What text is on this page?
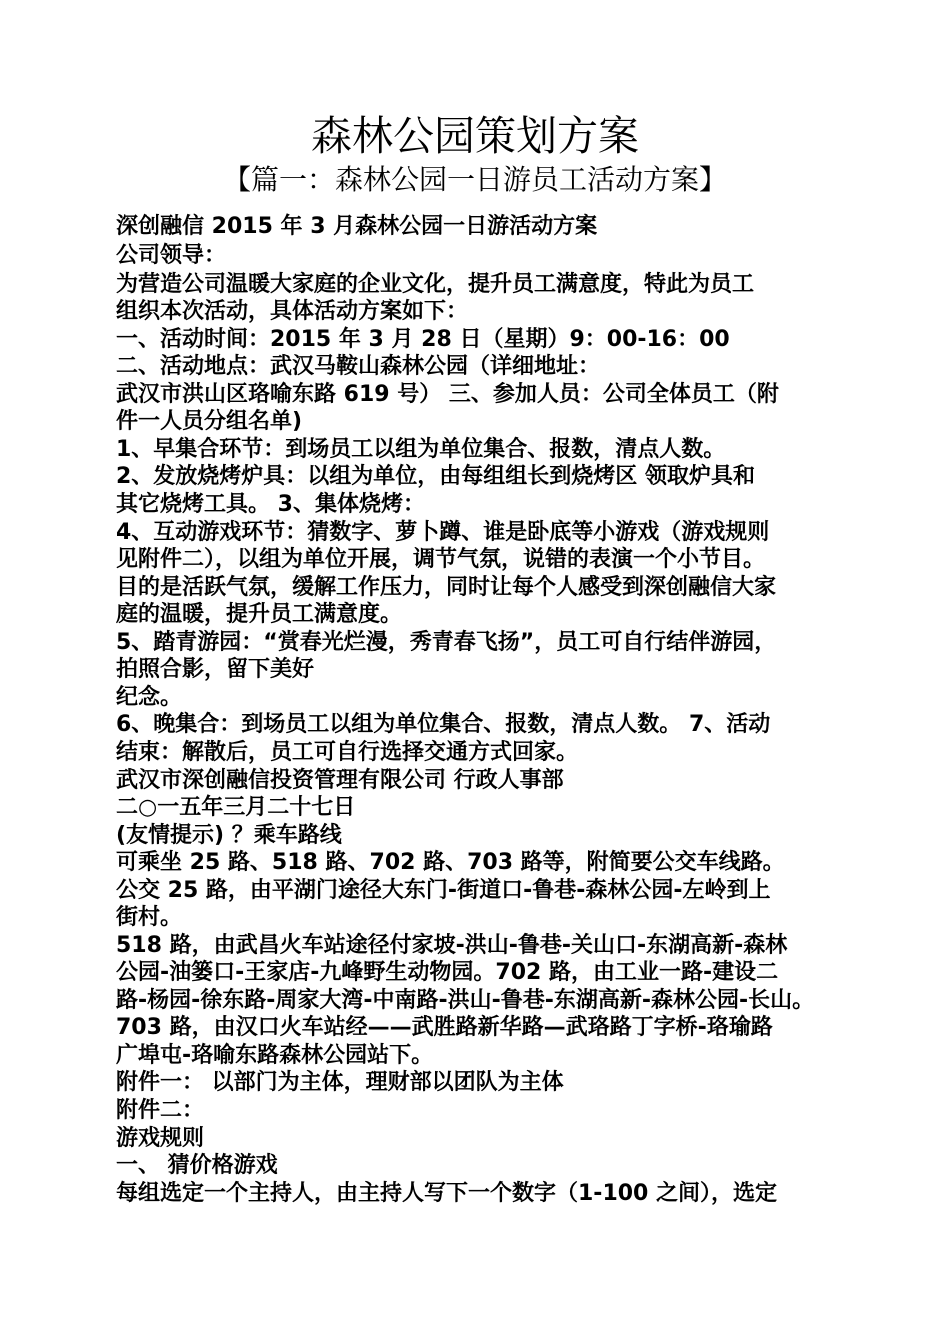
森林公园策划方案
【篇一：森林公园一日游员工活动方案】
深创融信 2015 年 3 月森林公园一日游活动方案
公司领导：
为营造公司温暖大家庭的企业文化，提升员工满意度，特此为员工
组织本次活动，具体活动方案如下：
一、活动时间：2015 年 3 月 28 日（星期）9：00-16：00
二、活动地点：武汉马鞍山森林公园（详细地址：
武汉市洪山区珞喻东路 619 号） 三、参加人员：公司全体员工（附
件一人员分组名单)
1、早集合环节：到场员工以组为单位集合、报数，清点人数。
2、发放烧烤炉具：以组为单位，由每组组长到烧烤区 领取炉具和
其它烧烤工具。 3、集体烧烤：
4、互动游戏环节：猜数字、萝卜蹲、谁是卧底等小游戏（游戏规则
见附件二），以组为单位开展，调节气氛，说错的表演一个小节目。
目的是活跃气氛，缓解工作压力，同时让每个人感受到深创融信大家
庭的温暖，提升员工满意度。
5、踏青游园：“赏春光烂漫，秀青春飞扬”，员工可自行结伴游园，
拍照合影，留下美好
纪念。
6、晚集合：到场员工以组为单位集合、报数，清点人数。 7、活动
结束：解散后，员工可自行选择交通方式回家。
武汉市深创融信投资管理有限公司 行政人事部
二○一五年三月二十七日
(友情提示) ？乘车路线
可乘坐 25 路、518 路、702 路、703 路等，附简要公交车线路。
公交 25 路，由平湖门途径大东门-街道口-鲁巷-森林公园-左岭到上
街村。
518 路，由武昌火车站途径付家坡-洪山-鲁巷-关山口-东湖高新-森林
公园-油篓口-王家店-九峰野生动物园。702 路，由工业一路-建设二
路-杨园-徐东路-周家大湾-中南路-洪山-鲁巷-东湖高新-森林公园-长山。
703 路，由汉口火车站经——武胜路新华路—武珞路丁字桥-珞瑜路
广埠屯-珞喻东路森林公园站下。
附件一： 以部门为主体，理财部以团队为主体
附件二：
游戏规则
一、 猜价格游戏
每组选定一个主持人，由主持人写下一个数字（1-100 之间），选定
